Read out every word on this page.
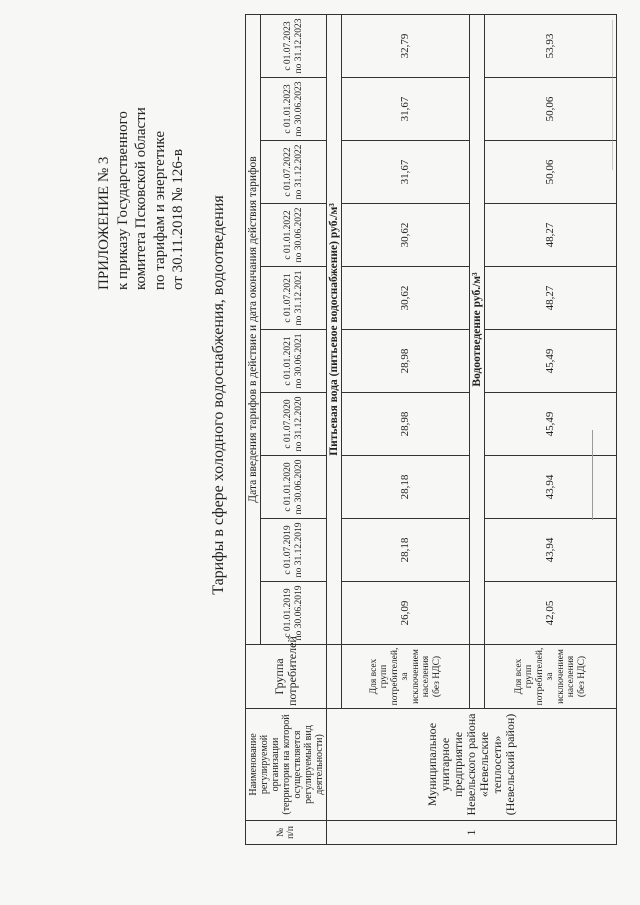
ПРИЛОЖЕНИЕ № 3 к приказу Государственного комитета Псковской области по тарифам и энергетике от 30.11.2018 № 126-в Тарифы в сфере холодного водоснабжения, водоотведения
№ п/п	Наименование регулируемой организации (территория на которой осуществляется регулируемый вид деятельности)	Группа потребителей	Дата введения тарифов в действие и дата окончания действия тарифов									
			с 01.01.2019 по 30.06.2019	с 01.07.2019 по 31.12.2019	с 01.01.2020 по 30.06.2020	с 01.07.2020 по 31.12.2020	с 01.01.2021 по 30.06.2021	с 01.07.2021 по 31.12.2021	с 01.01.2022 по 30.06.2022	с 01.07.2022 по 31.12.2022	с 01.01.2023 по 30.06.2023	с 01.07.2023 по 31.12.2023
1	Муниципальное унитарное предприятие Невельского района «Невельские теплосети» (Невельский район)		Питьевая вода (питьевое водоснабжение) руб./м³									
		Для всех групп потребителей, за исключением населения (без НДС)	26,09	28,18	28,18	28,98	28,98	30,62	30,62	31,67	31,67	32,79
			Водоотведение руб./м³									
		Для всех групп потребителей, за исключением населения (без НДС)	42,05	43,94	43,94	45,49	45,49	48,27	48,27	50,06	50,06	53,93
